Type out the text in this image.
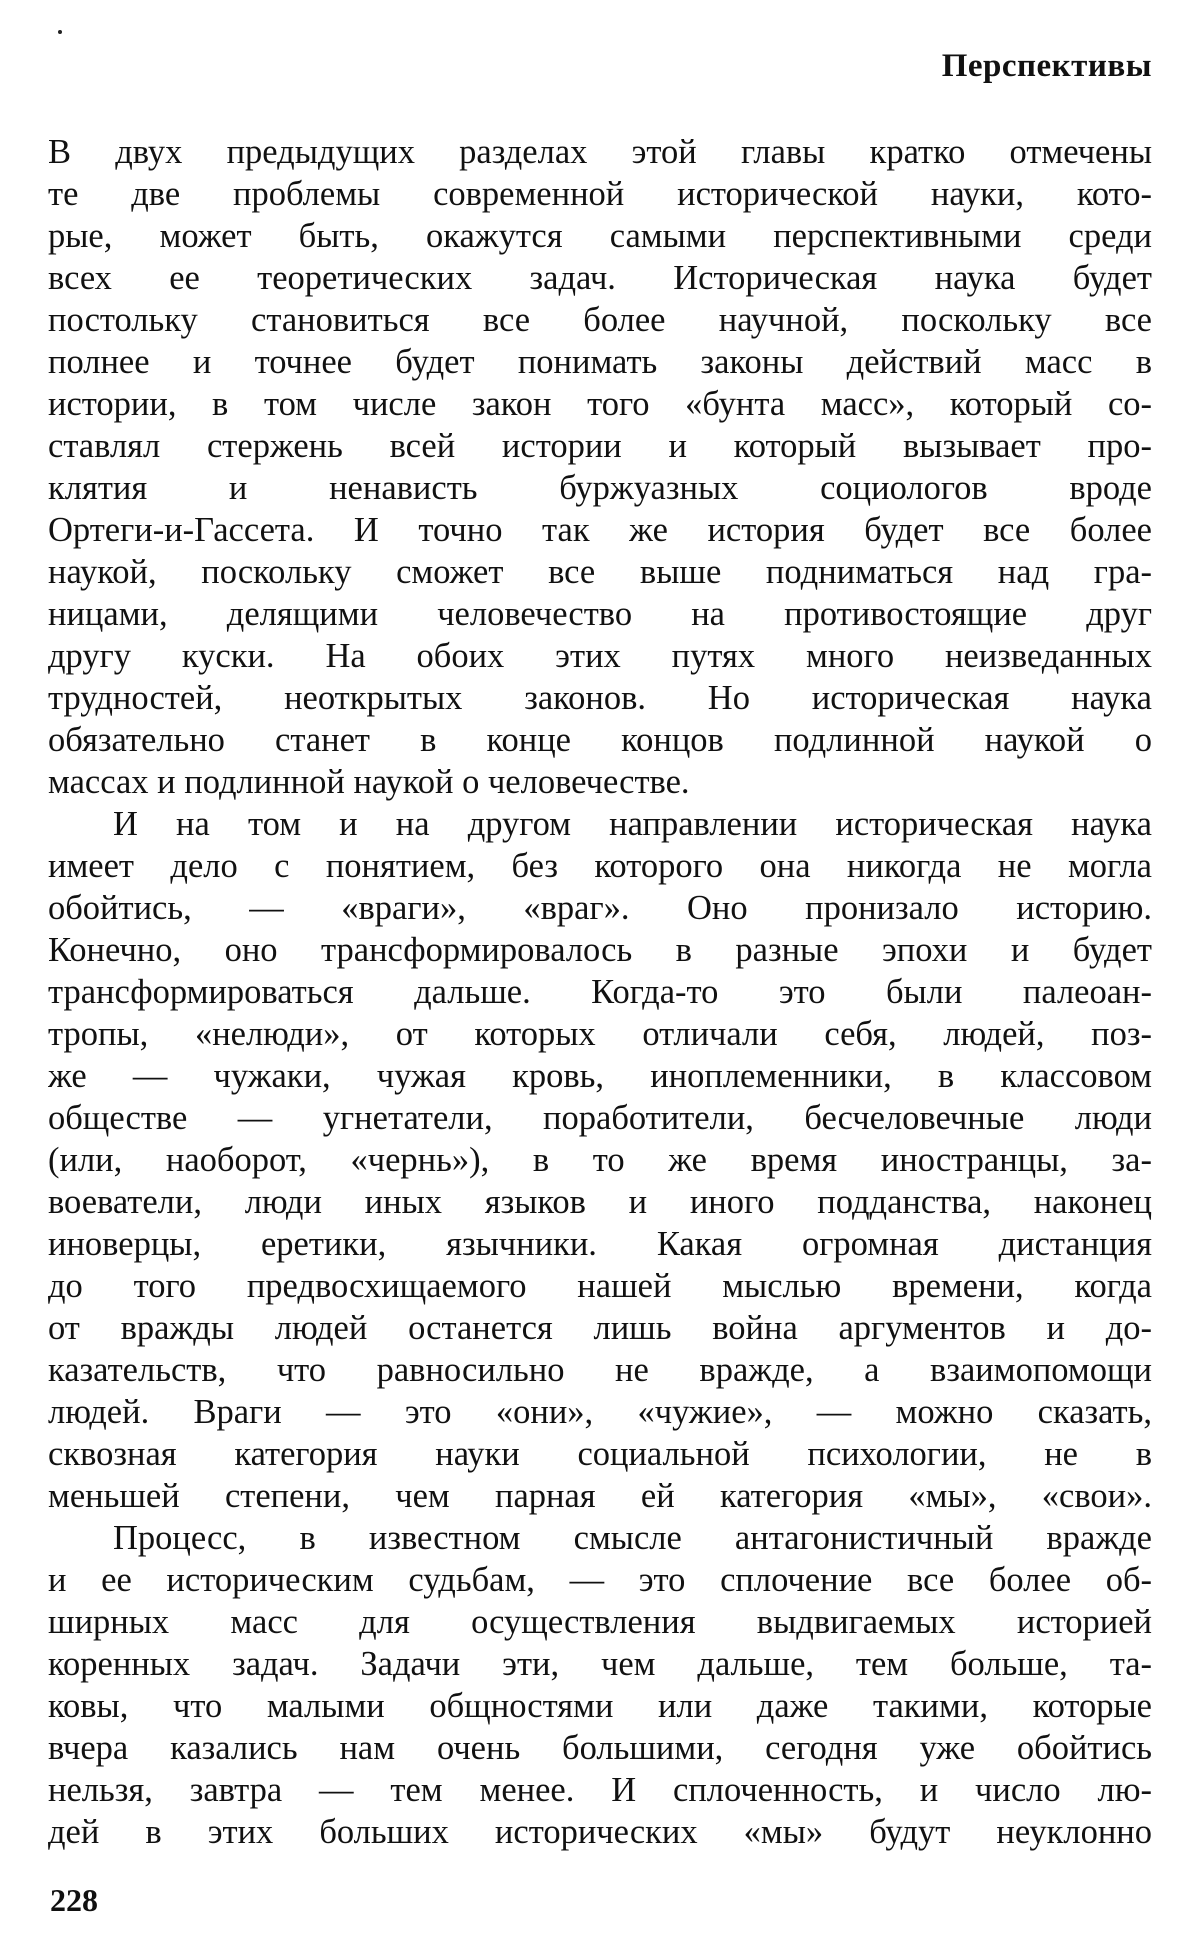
Перспективы
В двух предыдущих разделах этой главы кратко отмечены
те две проблемы современной исторической науки, кото-
рые, может быть, окажутся самыми перспективными среди
всех ее теоретических задач. Историческая наука будет
постольку становиться все более научной, поскольку все
полнее и точнее будет понимать законы действий масс в
истории, в том числе закон того «бунта масс», который со-
ставлял стержень всей истории и который вызывает про-
клятия и ненависть буржуазных социологов вроде
Ортеги-и-Гассета. И точно так же история будет все более
наукой, поскольку сможет все выше подниматься над гра-
ницами, делящими человечество на противостоящие друг
другу куски. На обоих этих путях много неизведанных
трудностей, неоткрытых законов. Но историческая наука
обязательно станет в конце концов подлинной наукой о
массах и подлинной наукой о человечестве.
И на том и на другом направлении историческая наука
имеет дело с понятием, без которого она никогда не могла
обойтись, — «враги», «враг». Оно пронизало историю.
Конечно, оно трансформировалось в разные эпохи и будет
трансформироваться дальше. Когда-то это были палеоан-
тропы, «нелюди», от которых отличали себя, людей, поз-
же — чужаки, чужая кровь, иноплеменники, в классовом
обществе — угнетатели, поработители, бесчеловечные люди
(или, наоборот, «чернь»), в то же время иностранцы, за-
воеватели, люди иных языков и иного подданства, наконец
иноверцы, еретики, язычники. Какая огромная дистанция
до того предвосхищаемого нашей мыслью времени, когда
от вражды людей останется лишь война аргументов и до-
казательств, что равносильно не вражде, а взаимопомощи
людей. Враги — это «они», «чужие», — можно сказать,
сквозная категория науки социальной психологии, не в
меньшей степени, чем парная ей категория «мы», «свои».
Процесс, в известном смысле антагонистичный вражде
и ее историческим судьбам, — это сплочение все более об-
ширных масс для осуществления выдвигаемых историей
коренных задач. Задачи эти, чем дальше, тем больше, та-
ковы, что малыми общностями или даже такими, которые
вчера казались нам очень большими, сегодня уже обойтись
нельзя, завтра — тем менее. И сплоченность, и число лю-
дей в этих больших исторических «мы» будут неуклонно
228
